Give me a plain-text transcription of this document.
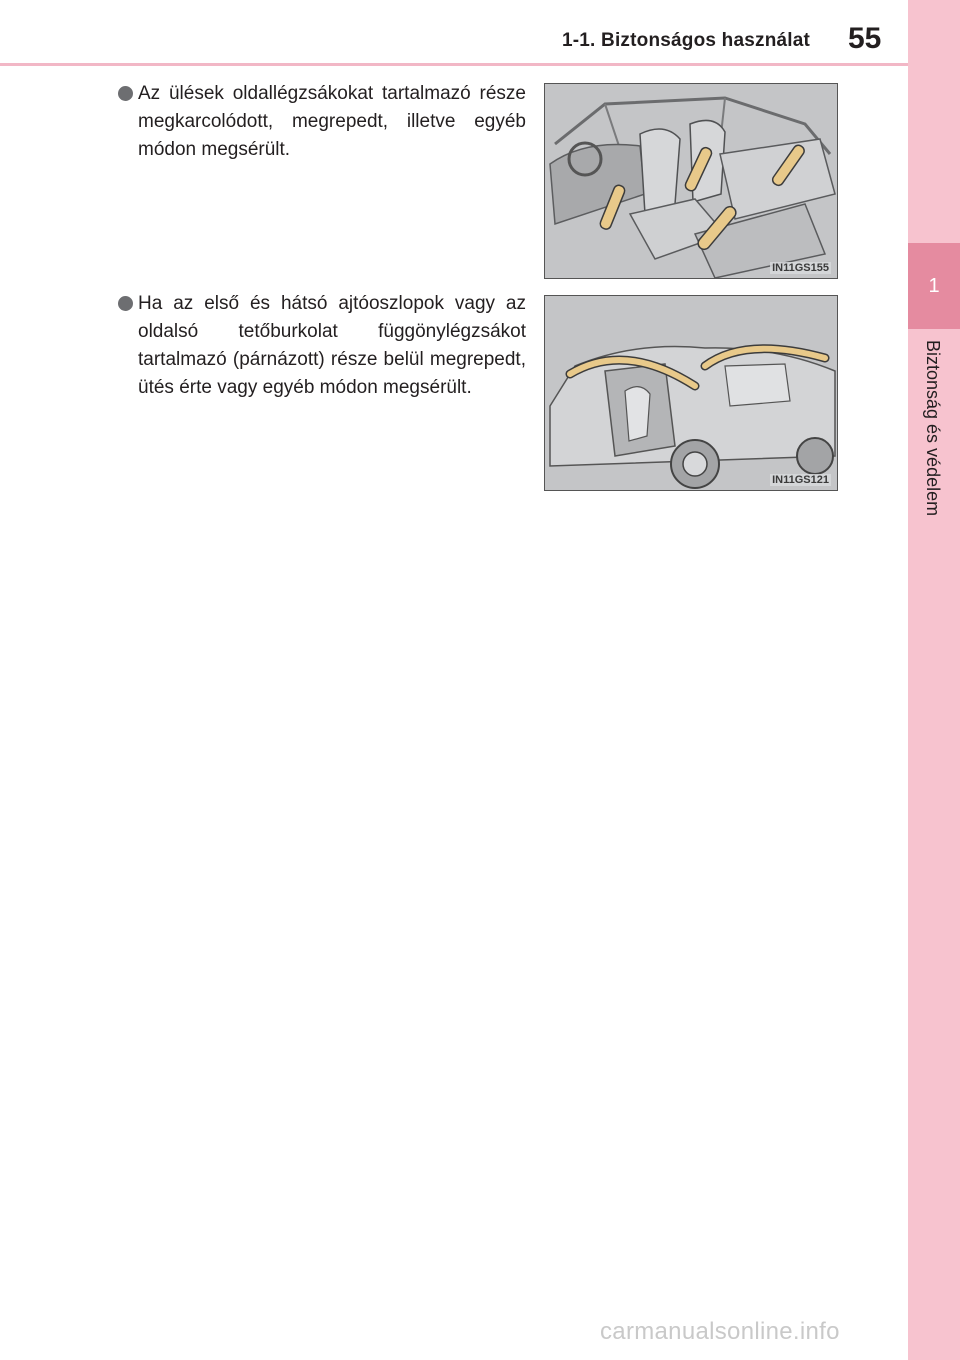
1-1. Biztonságos használat 55
1
Biztonság és védelem
Az ülések oldallégzsákokat tartalmazó része megkarcolódott, megrepedt, illetve egyéb módon megsérült.
Ha az első és hátsó ajtóoszlopok vagy az oldalsó tetőburkolat függönylégzsákot tartalmazó (párnázott) része belül megrepedt, ütés érte vagy egyéb módon megsérült.
IN11GS155
IN11GS121
carmanualsonline.info
